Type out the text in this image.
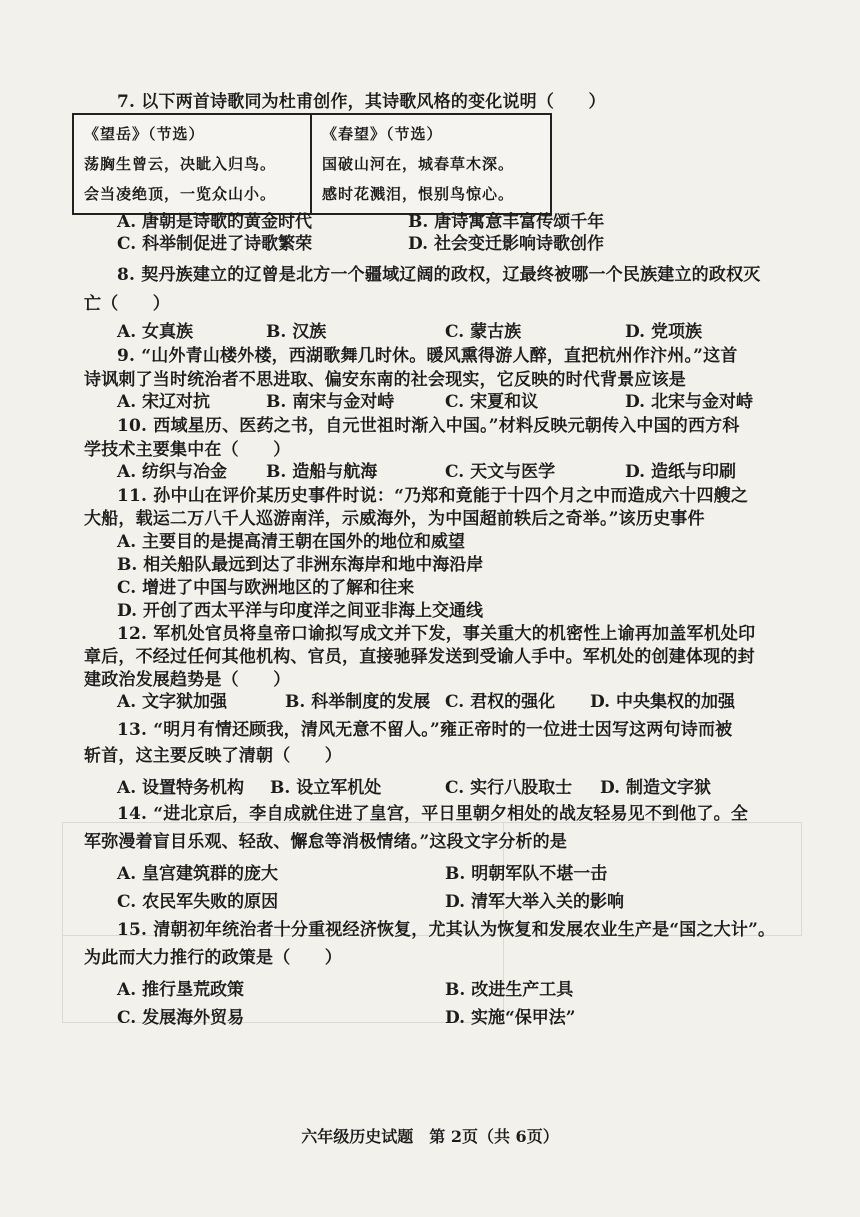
7. 以下两首诗歌同为杜甫创作，其诗歌风格的变化说明（　　）
《望岳》（节选）
荡胸生曾云，决眦入归鸟。
会当凌绝顶，一览众山小。
《春望》（节选）
国破山河在，城春草木深。
感时花溅泪，恨别鸟惊心。
A. 唐朝是诗歌的黄金时代	B. 唐诗寓意丰富传颂千年
C. 科举制促进了诗歌繁荣	D. 社会变迁影响诗歌创作
8. 契丹族建立的辽曾是北方一个疆域辽阔的政权，辽最终被哪一个民族建立的政权灭
亡（　　）
A. 女真族	B. 汉族	C. 蒙古族	D. 党项族
9. “山外青山楼外楼，西湖歌舞几时休。暖风熏得游人醉，直把杭州作汴州。”这首
诗讽刺了当时统治者不思进取、偏安东南的社会现实，它反映的时代背景应该是
A. 宋辽对抗	B. 南宋与金对峙	C. 宋夏和议	D. 北宋与金对峙
10. 西域星历、医药之书，自元世祖时渐入中国。”材料反映元朝传入中国的西方科
学技术主要集中在（　　）
A. 纺织与冶金 B. 造船与航海	C. 天文与医学	D. 造纸与印刷
11. 孙中山在评价某历史事件时说：“乃郑和竟能于十四个月之中而造成六十四艘之
大船，载运二万八千人巡游南洋，示威海外，为中国超前轶后之奇举。”该历史事件
A. 主要目的是提高清王朝在国外的地位和威望
B. 相关船队最远到达了非洲东海岸和地中海沿岸
C. 增进了中国与欧洲地区的了解和往来
D. 开创了西太平洋与印度洋之间亚非海上交通线
12. 军机处官员将皇帝口谕拟写成文并下发，事关重大的机密性上谕再加盖军机处印
章后，不经过任何其他机构、官员，直接驰驿发送到受谕人手中。军机处的创建体现的封
建政治发展趋势是（　　）
A. 文字狱加强	B. 科举制度的发展 C. 君权的强化 D. 中央集权的加强
13. “明月有情还顾我，清风无意不留人。”雍正帝时的一位进士因写这两句诗而被
斩首，这主要反映了清朝（　　）
A. 设置特务机构 B. 设立军机处	C. 实行八股取士 D. 制造文字狱
14. “进北京后，李自成就住进了皇宫，平日里朝夕相处的战友轻易见不到他了。全
军弥漫着盲目乐观、轻敌、懈怠等消极情绪。”这段文字分析的是
A. 皇宫建筑群的庞大	B. 明朝军队不堪一击
C. 农民军失败的原因	D. 清军大举入关的影响
15. 清朝初年统治者十分重视经济恢复，尤其认为恢复和发展农业生产是“国之大计”。
为此而大力推行的政策是（　　）
A. 推行垦荒政策	B. 改进生产工具
C. 发展海外贸易	D. 实施“保甲法”
六年级历史试题　第 2页（共 6页）
